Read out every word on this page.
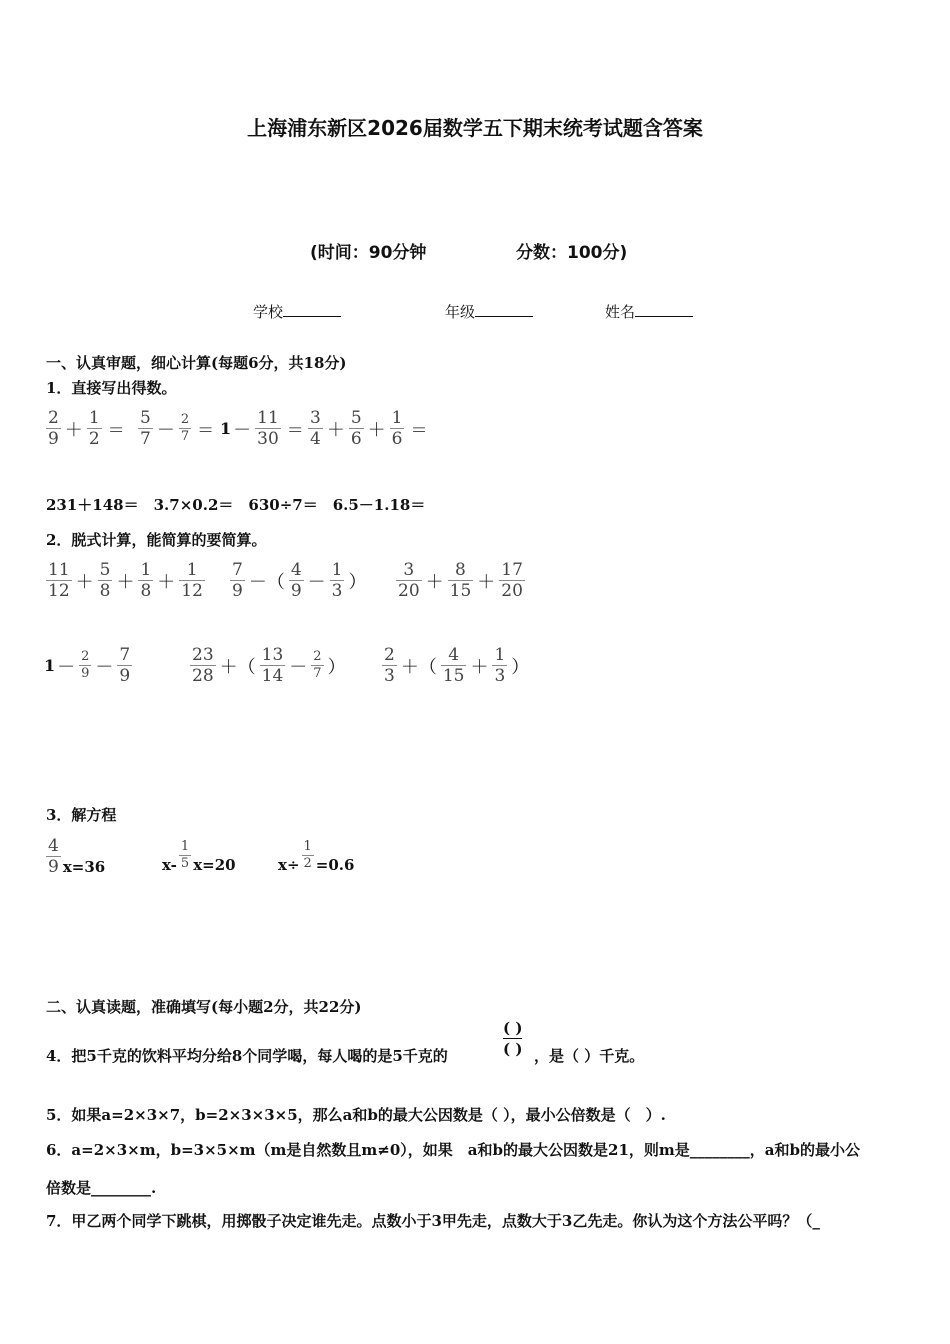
上海浦东新区2026届数学五下期末统考试题含答案
(时间：90分钟	分数：100分)
学校	年级	姓名
一、认真审题，细心计算(每题6分，共18分)
1．直接写出得数。
$\frac{2}{9} + \frac{1}{2} = \frac{5}{7} - \frac{2}{7} = 1 - \frac{11}{30} = \frac{3}{4} + \frac{5}{6} + \frac{1}{6}$ ＝
231＋148＝　3.7×0.2＝　630÷7＝　6.5－1.18＝
2．脱式计算，能简算的要简算。
$\frac{11}{12} + \frac{5}{8} + \frac{1}{8} + \frac{1}{12} \frac{7}{9}$ －（ $\frac{4}{9} - \frac{1}{3}$ ） $\frac{3}{20} + \frac{8}{15} + \frac{17}{20}$
$1 - \frac{2}{9} - \frac{7}{9}$	$\frac{23}{28}$ ＋（ $\frac{13}{14} - \frac{2}{7}$ ） $\frac{2}{3}$ ＋（ $\frac{4}{15} + \frac{1}{3}$ ）
3．解方程
$\frac{4}{9} x=36$	$x- \frac{1}{5} x=20$	$x\div \frac{1}{2} =0.6$
二、认真读题，准确填写(每小题2分，共22分)
4．把5千克的饮料平均分给8个同学喝，每人喝的是5千克的
( )
( ) ，是（ ）千克。
5．如果a=2×3×7，b=2×3×3×5，那么a和b的最大公因数是（ ），最小公倍数是（　）.
6．a=2×3×m，b=3×5×m（m是自然数且m≠0），如果　a和b的最大公因数是21，则m是________，a和b的最小公
倍数是________.
7．甲乙两个同学下跳棋，用掷骰子决定谁先走。点数小于3甲先走，点数大于3乙先走。你认为这个方法公平吗？（_
